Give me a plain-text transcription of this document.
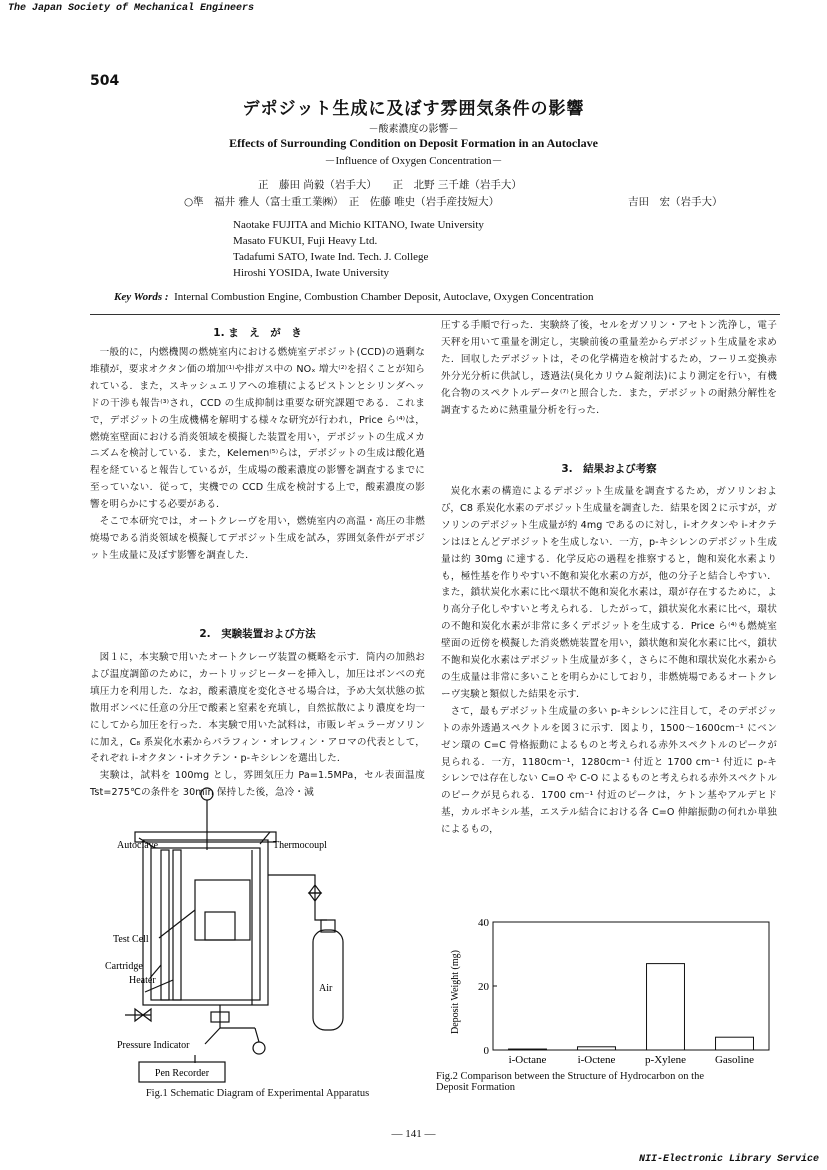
The Japan Society of Mechanical Engineers
504
デポジット生成に及ぼす雰囲気条件の影響
－酸素濃度の影響－
Effects of Surrounding Condition on Deposit Formation in an Autoclave
－Influence of Oxygen Concentration－
正　藤田 尚毅（岩手大）　　正　北野 三千雄（岩手大）
○準　福井 雅人（富士重工業㈱）　正　佐藤 唯史（岩手産技短大）	吉田　宏（岩手大）
Naotake FUJITA and Michio KITANO, Iwate University
Masato FUKUI, Fuji Heavy Ltd.
Tadafumi SATO, Iwate Ind. Tech. J. College
Hiroshi YOSIDA, Iwate University
Key Words : Internal Combustion Engine, Combustion Chamber Deposit, Autoclave, Oxygen Concentration
1. ま　え　が　き

一般的に，内燃機関の燃焼室内における燃焼室デポジット(CCD)の過剰な堆積が，要求オクタン価の増加⁽¹⁾や排ガス中の NOₓ 増大⁽²⁾を招くことが知られている．また，スキッシュエリアへの堆積によるピストンとシリンダヘッドの干渉も報告⁽³⁾され，CCD の生成抑制は重要な研究課題である．これまで，デポジットの生成機構を解明する様々な研究が行われ，Price ら⁽⁴⁾は，燃焼室壁面における消炎領域を模擬した装置を用い，デポジットの生成メカニズムを検討している．また，Kelemen⁽⁵⁾らは，デポジットの生成は酸化過程を経ていると報告しているが，生成場の酸素濃度の影響を調査するまでに至っていない．従って，実機での CCD 生成を検討する上で，酸素濃度の影響を明らかにする必要がある．

そこで本研究では，オートクレーヴを用い，燃焼室内の高温・高圧の非燃焼場である消炎領域を模擬してデポジット生成を試み，雰囲気条件がデポジット生成量に及ぼす影響を調査した．

2.　実験装置および方法

図１に，本実験で用いたオートクレーヴ装置の概略を示す．筒内の加熱および温度調節のために，カートリッジヒーターを挿入し，加圧はボンベの充填圧力を利用した．なお，酸素濃度を変化させる場合は，予め大気状態の拡散用ボンベに任意の分圧で酸素と窒素を充填し，自然拡散により濃度を均一にしてから加圧を行った．本実験で用いた試料は，市販レギュラーガソリンに加え，C₈ 系炭化水素からパラフィン・オレフィン・アロマの代表として，それぞれ i-オクタン・i-オクテン・p-キシレンを選出した．

実験は，試料を 100mg とし，雰囲気圧力 Pa=1.5MPa，セル表面温度 Tst=275℃の条件を 30min 保持した後，急冷・減

圧する手順で行った．実験終了後，セルをガソリン・アセトン洗浄し，電子天秤を用いて重量を測定し，実験前後の重量差からデポジット生成量を求めた．回収したデポジットは，その化学構造を検討するため，フーリエ変換赤外分光分析に供試し，透過法(臭化カリウム錠剤法)により測定を行い，有機化合物のスペクトルデータ⁽⁷⁾と照合した．また，デポジットの耐熱分解性を調査するために熱重量分析を行った．

3.　結果および考察

炭化水素の構造によるデポジット生成量を調査するため，ガソリンおよび，C8 系炭化水素のデポジット生成量を調査した．結果を図２に示すが，ガソリンのデポジット生成量が約 4mg であるのに対し，i-オクタンや i-オクテンはほとんどデポジットを生成しない．一方，p-キシレンのデポジット生成量は約 30mg に達する．化学反応の過程を推察すると，飽和炭化水素よりも，極性基を作りやすい不飽和炭化水素の方が，他の分子と結合しやすい．また，鎖状炭化水素に比べ環状不飽和炭化水素は，環が存在するために，より高分子化しやすいと考えられる．したがって，鎖状炭化水素に比べ，環状の不飽和炭化水素が非常に多くデポジットを生成する．Price ら⁽⁴⁾も燃焼室壁面の近傍を模擬した消炎燃焼装置を用い，鎖状飽和炭化水素に比べ，鎖状不飽和炭化水素はデポジット生成量が多く，さらに不飽和環状炭化水素からの生成量は非常に多いことを明らかにしており，非燃焼場であるオートクレーヴ実験と類似した結果を示す．

さて，最もデポジット生成量の多い p-キシレンに注目して，そのデポジットの赤外透過スペクトルを図３に示す．図より，1500～1600cm⁻¹ にベンゼン環の C=C 骨格振動によるものと考えられる赤外スペクトルのピークが見られる．一方，1180cm⁻¹，1280cm⁻¹ 付近と 1700 cm⁻¹ 付近に p-キシレンでは存在しない C=O や C-O によるものと考えられる赤外スペクトルのピークが見られる．1700 cm⁻¹ 付近のピークは，ケトン基やアルデヒド基，カルボキシル基，エステル結合における各 C=O 伸縮振動の何れか単独によるもの，

Autoclave	Thermocoupl
Test Cell
Cartridge
Heater
Air
Pressure Indicator
Pen Recorder
Fig.1 Schematic Diagram of Experimental Apparatus
Deposit Weight (mg)
0
20
40
i-Octane	i-Octene	p-Xylene	Gasoline
Fig.2 Comparison between the Structure of Hydrocarbon on the
Deposit Formation
― 141 ―
NII-Electronic Library Service
